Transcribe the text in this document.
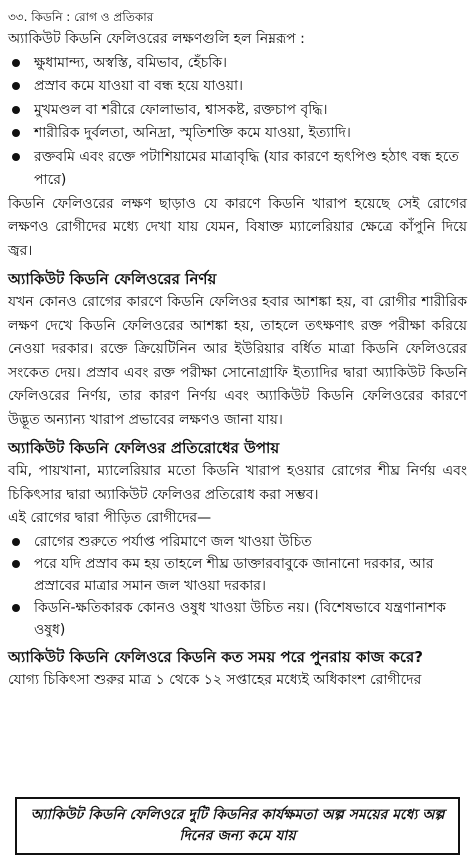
৩৩. কিডনি : রোগ ও প্রতিকার

অ্যাকিউট কিডনি ফেলিওরের লক্ষণগুলি হল নিম্নরূপ :

ক্ষুধামান্দ্য, অস্বস্তি, বমিভাব, হেঁচকি।
প্রস্রাব কমে যাওয়া বা বন্ধ হয়ে যাওয়া।
মুখমণ্ডল বা শরীরে ফোলাভাব, শ্বাসকষ্ট, রক্তচাপ বৃদ্ধি।
শারীরিক দুর্বলতা, অনিদ্রা, স্মৃতিশক্তি কমে যাওয়া, ইত্যাদি।
রক্তবমি এবং রক্তে পটাশিয়ামের মাত্রাবৃদ্ধি (যার কারণে হৃৎপিণ্ড হঠাৎ বন্ধ হতে পারে)

কিডনি ফেলিওরের লক্ষণ ছাড়াও যে কারণে কিডনি খারাপ হয়েছে সেই রোগের লক্ষণও রোগীদের মধ্যে দেখা যায় যেমন, বিষাক্ত ম্যালেরিয়ার ক্ষেত্রে কাঁপুনি দিয়ে জ্বর।

অ্যাকিউট কিডনি ফেলিওরের নির্ণয়

যখন কোনও রোগের কারণে কিডনি ফেলিওর হবার আশঙ্কা হয়, বা রোগীর শারীরিক লক্ষণ দেখে কিডনি ফেলিওরের আশঙ্কা হয়, তাহলে তৎক্ষণাৎ রক্ত পরীক্ষা করিয়ে নেওয়া দরকার। রক্তে ক্রিয়েটিনিন আর ইউরিয়ার বর্ধিত মাত্রা কিডনি ফেলিওরের সংকেত দেয়। প্রস্রাব এবং রক্ত পরীক্ষা সোনোগ্রাফি ইত্যাদির দ্বারা অ্যাকিউট কিডনি ফেলিওরের নির্ণয়, তার কারণ নির্ণয় এবং অ্যাকিউট কিডনি ফেলিওরের কারণে উদ্ভূত অন্যান্য খারাপ প্রভাবের লক্ষণও জানা যায়।

অ্যাকিউট কিডনি ফেলিওর প্রতিরোধের উপায়

বমি, পায়খানা, ম্যালেরিয়ার মতো কিডনি খারাপ হওয়ার রোগের শীঘ্র নির্ণয় এবং চিকিৎসার দ্বারা অ্যাকিউট ফেলিওর প্রতিরোধ করা সম্ভব।

এই রোগের দ্বারা পীড়িত রোগীদের—

রোগের শুরুতে পর্যাপ্ত পরিমাণে জল খাওয়া উচিত
পরে যদি প্রস্রাব কম হয় তাহলে শীঘ্র ডাক্তারবাবুকে জানানো দরকার, আর প্রস্রাবের মাত্রার সমান জল খাওয়া দরকার।
কিডনি-ক্ষতিকারক কোনও ওষুধ খাওয়া উচিত নয়। (বিশেষভাবে যন্ত্রণানাশক ওষুধ)
অ্যাকিউট কিডনি ফেলিওরে কিডনি কত সময় পরে পুনরায় কাজ করে?

যোগ্য চিকিৎসা শুরুর মাত্র ১ থেকে ১২ সপ্তাহের মধ্যেই অধিকাংশ রোগীদের

অ্যাকিউট কিডনি ফেলিওরে দুটি কিডনির কার্যক্ষমতা অল্প সময়ের মধ্যে অল্প দিনের জন্য কমে যায়
